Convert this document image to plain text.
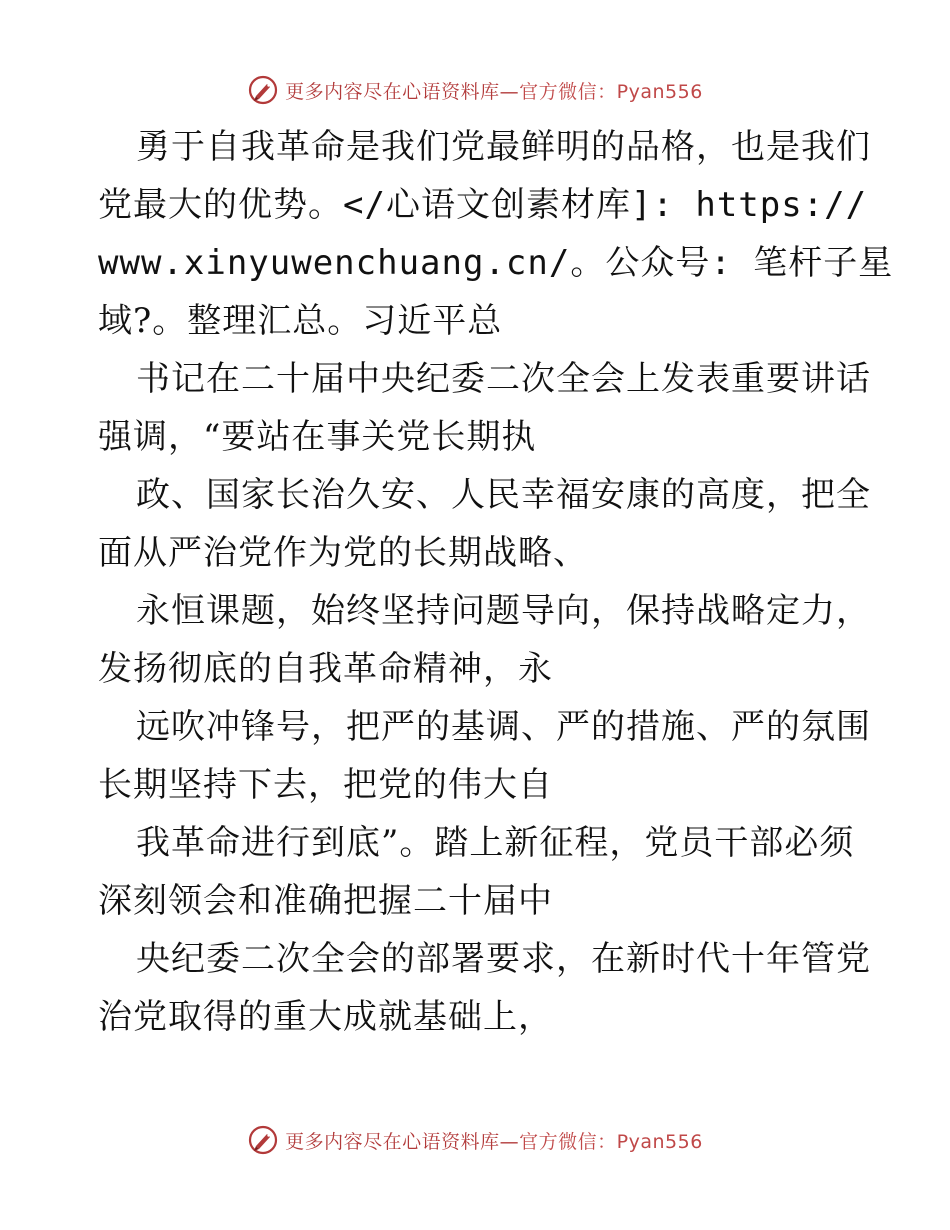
更多内容尽在心语资料库—官方微信：Pyan556
勇于自我革命是我们党最鲜明的品格，也是我们
党最大的优势。</心语文创素材库]: https://
www.xinyuwenchuang.cn/。公众号: 笔杆子星
域?。整理汇总。习近平总
书记在二十届中央纪委二次全会上发表重要讲话
强调，“要站在事关党长期执
政、国家长治久安、人民幸福安康的高度，把全
面从严治党作为党的长期战略、
永恒课题，始终坚持问题导向，保持战略定力，
发扬彻底的自我革命精神，永
远吹冲锋号，把严的基调、严的措施、严的氛围
长期坚持下去，把党的伟大自
我革命进行到底”。踏上新征程，党员干部必须
深刻领会和准确把握二十届中
央纪委二次全会的部署要求，在新时代十年管党
治党取得的重大成就基础上，
更多内容尽在心语资料库—官方微信：Pyan556
